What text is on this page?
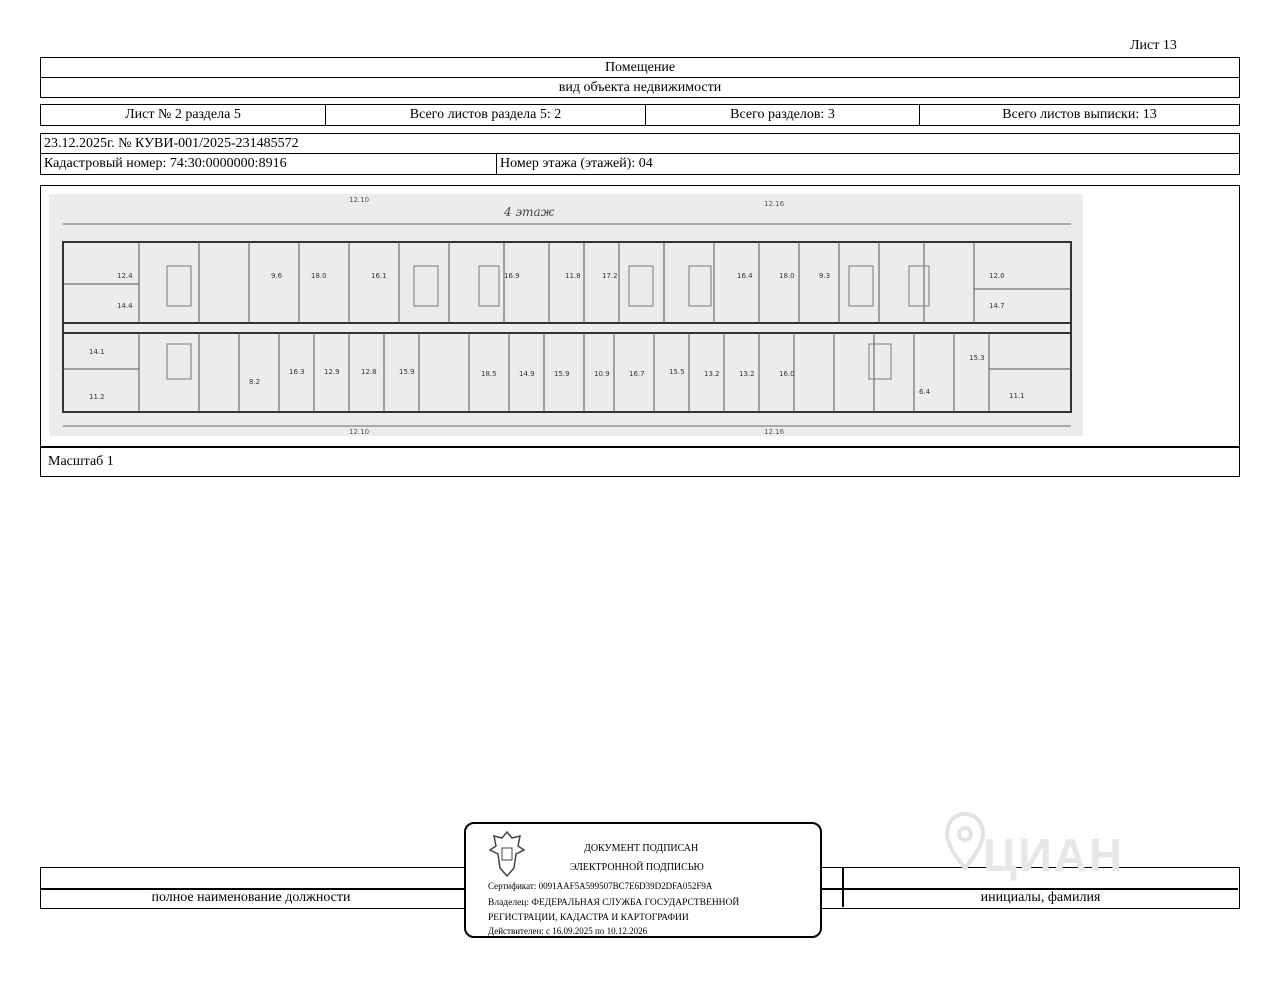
Лист 13
Помещение
вид объекта недвижимости
Лист № 2 раздела 5	Всего листов раздела 5: 2	Всего разделов: 3	Всего листов выписки: 13
23.12.2025г. № КУВИ-001/2025-231485572
Кадастровый номер: 74:30:0000000:8916	Номер этажа (этажей): 04
Масштаб 1
4 этаж
12.10	12.16
12.10	12.16
12.4	9.6	18.0	16.1	16.9	11.8	17.2	16.4	18.0	9.3	12.0
14.4	14.7
14.1
11.2
8.2
16.3	12.9	12.8	15.9	18.5	14.9	15.9	10.9	16.7	15.5	13.2	13.2	16.0
6.4
15.3
11.1
полное наименование должности	инициалы, фамилия
ЦИАН
ДОКУМЕНТ ПОДПИСАН
ЭЛЕКТРОННОЙ ПОДПИСЬЮ
Сертификат: 0091AAF5A599507BC7E6D39D2DFA052F9A
Владелец: ФЕДЕРАЛЬНАЯ СЛУЖБА ГОСУДАРСТВЕННОЙ
РЕГИСТРАЦИИ, КАДАСТРА И КАРТОГРАФИИ
Действителен: с 16.09.2025 по 10.12.2026
